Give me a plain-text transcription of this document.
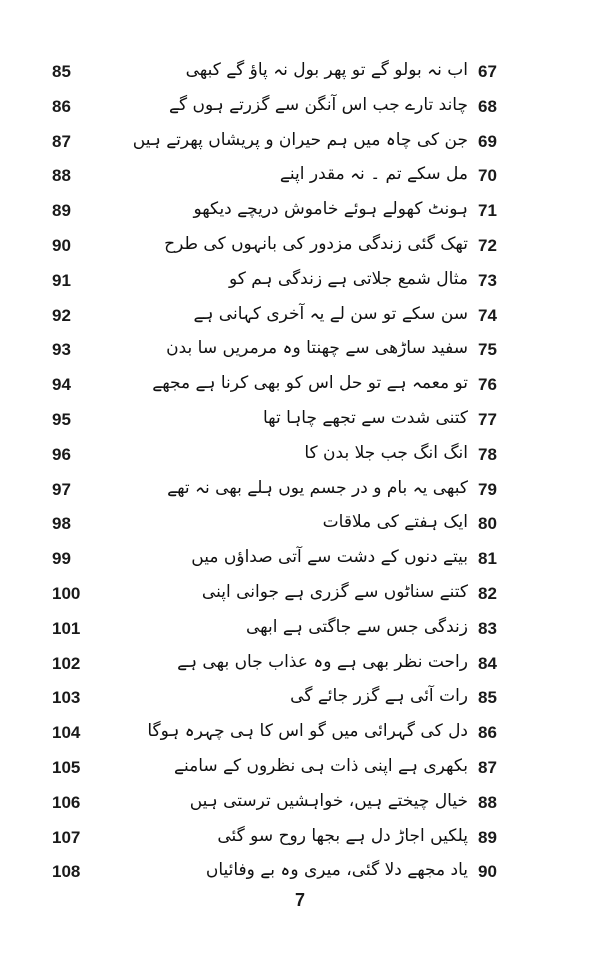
85	اب نہ بولو گے تو پھر بول نہ پاؤ گے کبھی 67
86	چاند تارے جب اس آنگن سے گزرتے ہوں گے 68
87	جن کی چاہ میں ہم حیران و پریشاں پھرتے ہیں 69
88	مل سکے تم ۔ نہ مقدر اپنے 70
89	ہونٹ کھولے ہوئے خاموش دریچے دیکھو 71
90	تھک گئی زندگی مزدور کی بانہوں کی طرح 72
91	مثال شمع جلاتی ہے زندگی ہم کو 73
92	سن سکے تو سن لے یہ آخری کہانی ہے 74
93	سفید ساڑھی سے چھنتا وہ مرمریں سا بدن 75
94	تو معمہ ہے تو حل اس کو بھی کرنا ہے مجھے 76
95	کتنی شدت سے تجھے چاہا تھا 77
96	انگ انگ جب جلا بدن کا 78
97	کبھی یہ بام و در جسم یوں ہلے بھی نہ تھے 79
98	ایک ہفتے کی ملاقات 80
99	بیتے دنوں کے دشت سے آتی صداؤں میں 81
100	کتنے سناٹوں سے گزری ہے جوانی اپنی 82
101	زندگی جس سے جاگتی ہے ابھی 83
102	راحت نظر بھی ہے وہ عذاب جاں بھی ہے 84
103	رات آئی ہے گزر جائے گی 85
104	دل کی گہرائی میں گو اس کا ہی چہرہ ہوگا 86
105	بکھری ہے اپنی ذات ہی نظروں کے سامنے 87
106	خیال چیختے ہیں، خواہشیں ترستی ہیں 88
107	پلکیں اجاڑ دل ہے بجھا روح سو گئی 89
108	یاد مجھے دلا گئی، میری وہ بے وفائیاں 90
7
